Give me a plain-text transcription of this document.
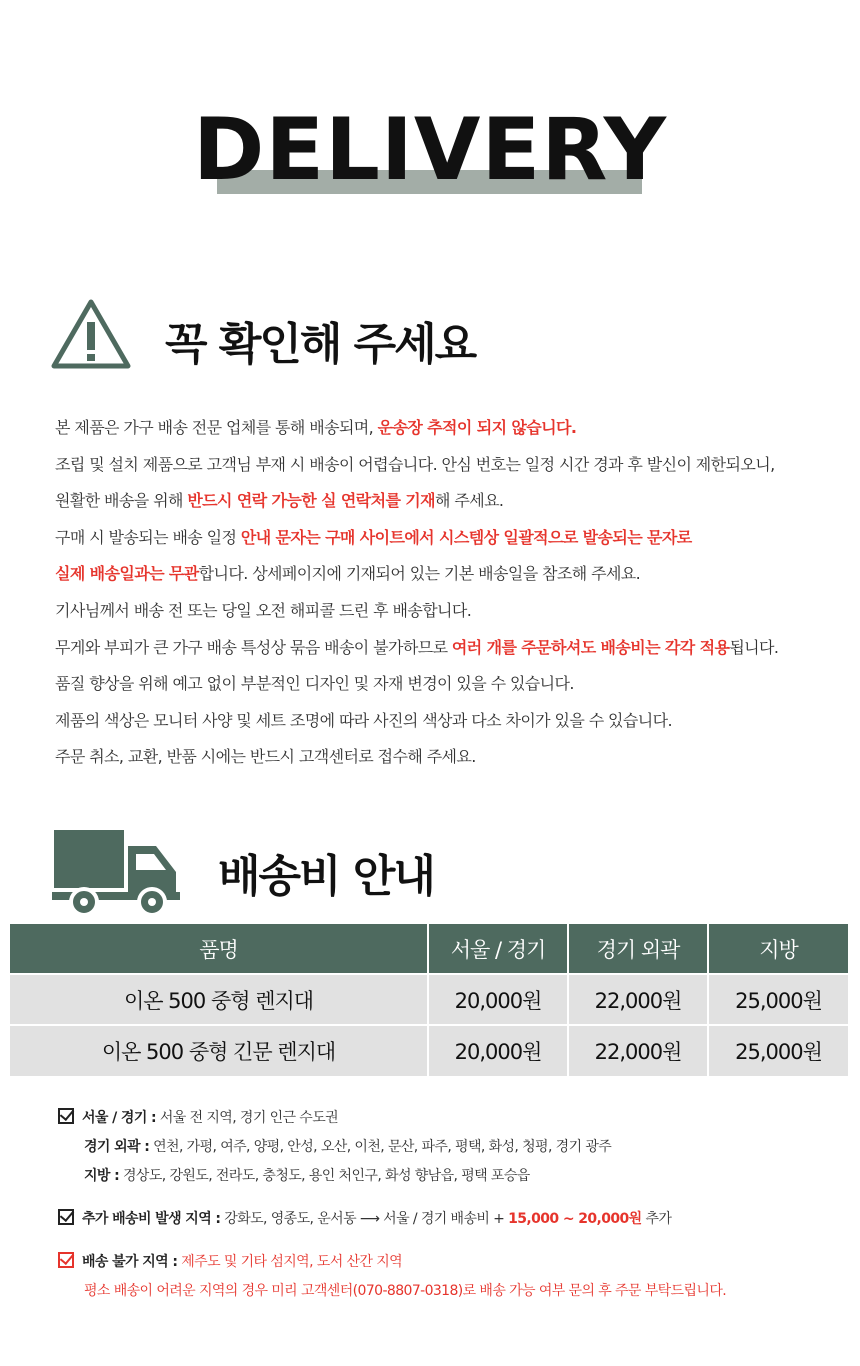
DELIVERY
꼭 확인해 주세요

본 제품은 가구 배송 전문 업체를 통해 배송되며, 운송장 추적이 되지 않습니다.

조립 및 설치 제품으로 고객님 부재 시 배송이 어렵습니다. 안심 번호는 일정 시간 경과 후 발신이 제한되오니,

원활한 배송을 위해 반드시 연락 가능한 실 연락처를 기재해 주세요.

구매 시 발송되는 배송 일정 안내 문자는 구매 사이트에서 시스템상 일괄적으로 발송되는 문자로

실제 배송일과는 무관합니다. 상세페이지에 기재되어 있는 기본 배송일을 참조해 주세요.

기사님께서 배송 전 또는 당일 오전 해피콜 드린 후 배송합니다.

무게와 부피가 큰 가구 배송 특성상 묶음 배송이 불가하므로 여러 개를 주문하셔도 배송비는 각각 적용됩니다.

품질 향상을 위해 예고 없이 부분적인 디자인 및 자재 변경이 있을 수 있습니다.

제품의 색상은 모니터 사양 및 세트 조명에 따라 사진의 색상과 다소 차이가 있을 수 있습니다.

주문 취소, 교환, 반품 시에는 반드시 고객센터로 접수해 주세요.

배송비 안내
품명	서울 / 경기	경기 외곽	지방
이온 500 중형 렌지대	20,000원	22,000원	25,000원
이온 500 중형 긴문 렌지대	20,000원	22,000원	25,000원
서울 / 경기 : 서울 전 지역, 경기 인근 수도권
경기 외곽 : 연천, 가평, 여주, 양평, 안성, 오산, 이천, 문산, 파주, 평택, 화성, 청평, 경기 광주
지방 : 경상도, 강원도, 전라도, 충청도, 용인 처인구, 화성 향남읍, 평택 포승읍
추가 배송비 발생 지역 : 강화도, 영종도, 운서동 ⟶ 서울 / 경기 배송비 + 15,000 ~ 20,000원 추가
배송 불가 지역 : 제주도 및 기타 섬지역, 도서 산간 지역
평소 배송이 어려운 지역의 경우 미리 고객센터(070-8807-0318)로 배송 가능 여부 문의 후 주문 부탁드립니다.
